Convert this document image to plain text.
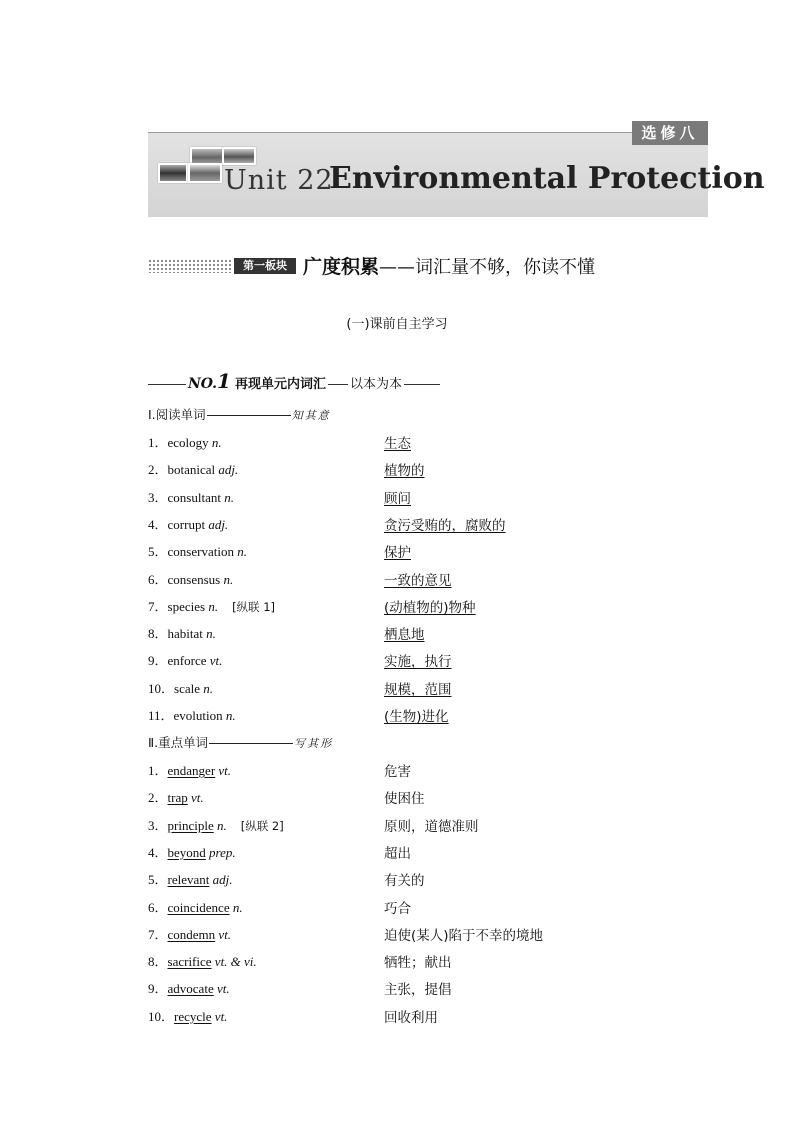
选修八
Unit 22
Environmental Protection
第一板块 广度积累——词汇量不够，你读不懂
(一)课前自主学习
NO.1 再现单元内词汇 以本为本
Ⅰ.阅读单词	知其意
1．ecology n.	生态
2．botanical adj.	植物的
3．consultant n.	顾问
4．corrupt adj.	贪污受贿的，腐败的
5．conservation n.	保护
6．consensus n.	一致的意见
7．species n. [纵联 1]	(动植物的)物种
8．habitat n.	栖息地
9．enforce vt.	实施，执行
10．scale n.	规模，范围
11．evolution n.	(生物)进化
Ⅱ.重点单词	写其形
1．endanger vt.	危害
2．trap vt.	使困住
3．principle n. [纵联 2]	原则，道德准则
4．beyond prep.	超出
5．relevant adj.	有关的
6．coincidence n.	巧合
7．condemn vt.	迫使(某人)陷于不幸的境地
8．sacrifice vt. & vi.	牺牲；献出
9．advocate vt.	主张，提倡
10．recycle vt.	回收利用
